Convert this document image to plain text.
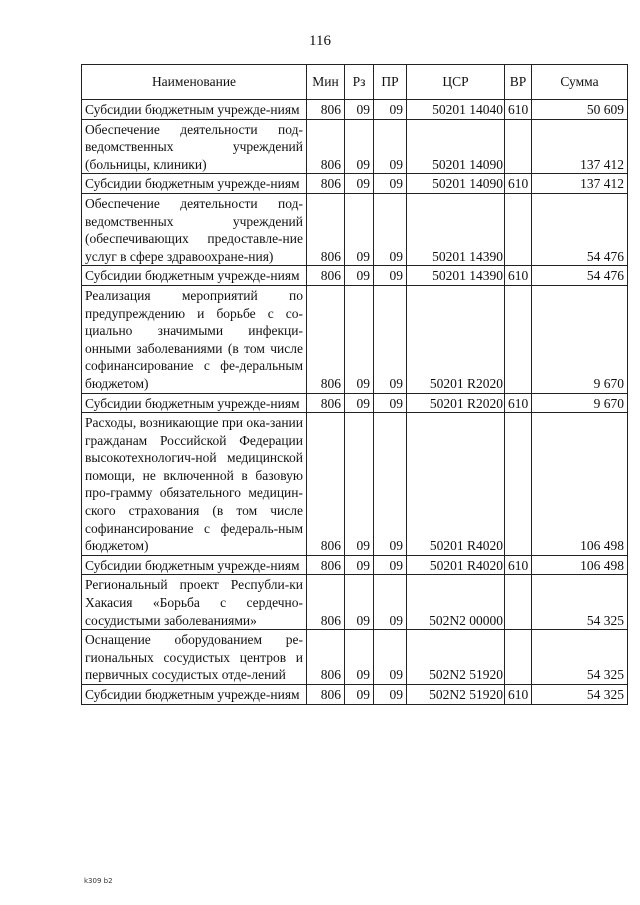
116
Наименование	Мин	Рз	ПР	ЦСР	ВР	Сумма
Субсидии бюджетным учрежде-ниям	806	09	09	50201 14040	610	50 609
Обеспечение деятельности под-ведомственных учреждений (больницы, клиники)	806	09	09	50201 14090		137 412
Субсидии бюджетным учрежде-ниям	806	09	09	50201 14090	610	137 412
Обеспечение деятельности под-ведомственных учреждений (обеспечивающих предоставле-ние услуг в сфере здравоохране-ния)	806	09	09	50201 14390		54 476
Субсидии бюджетным учрежде-ниям	806	09	09	50201 14390	610	54 476
Реализация мероприятий по предупреждению и борьбе с со-циально значимыми инфекци-онными заболеваниями (в том числе софинансирование с фе-деральным бюджетом)	806	09	09	50201 R2020		9 670
Субсидии бюджетным учрежде-ниям	806	09	09	50201 R2020	610	9 670
Расходы, возникающие при ока-зании гражданам Российской Федерации высокотехнологич-ной медицинской помощи, не включенной в базовую про-грамму обязательного медицин-ского страхования (в том числе софинансирование с федераль-ным бюджетом)	806	09	09	50201 R4020		106 498
Субсидии бюджетным учрежде-ниям	806	09	09	50201 R4020	610	106 498
Региональный проект Республи-ки Хакасия «Борьба с сердечно-сосудистыми заболеваниями»	806	09	09	502N2 00000		54 325
Оснащение оборудованием ре-гиональных сосудистых центров и первичных сосудистых отде-лений	806	09	09	502N2 51920		54 325
Субсидии бюджетным учрежде-ниям	806	09	09	502N2 51920	610	54 325
k309 b2
